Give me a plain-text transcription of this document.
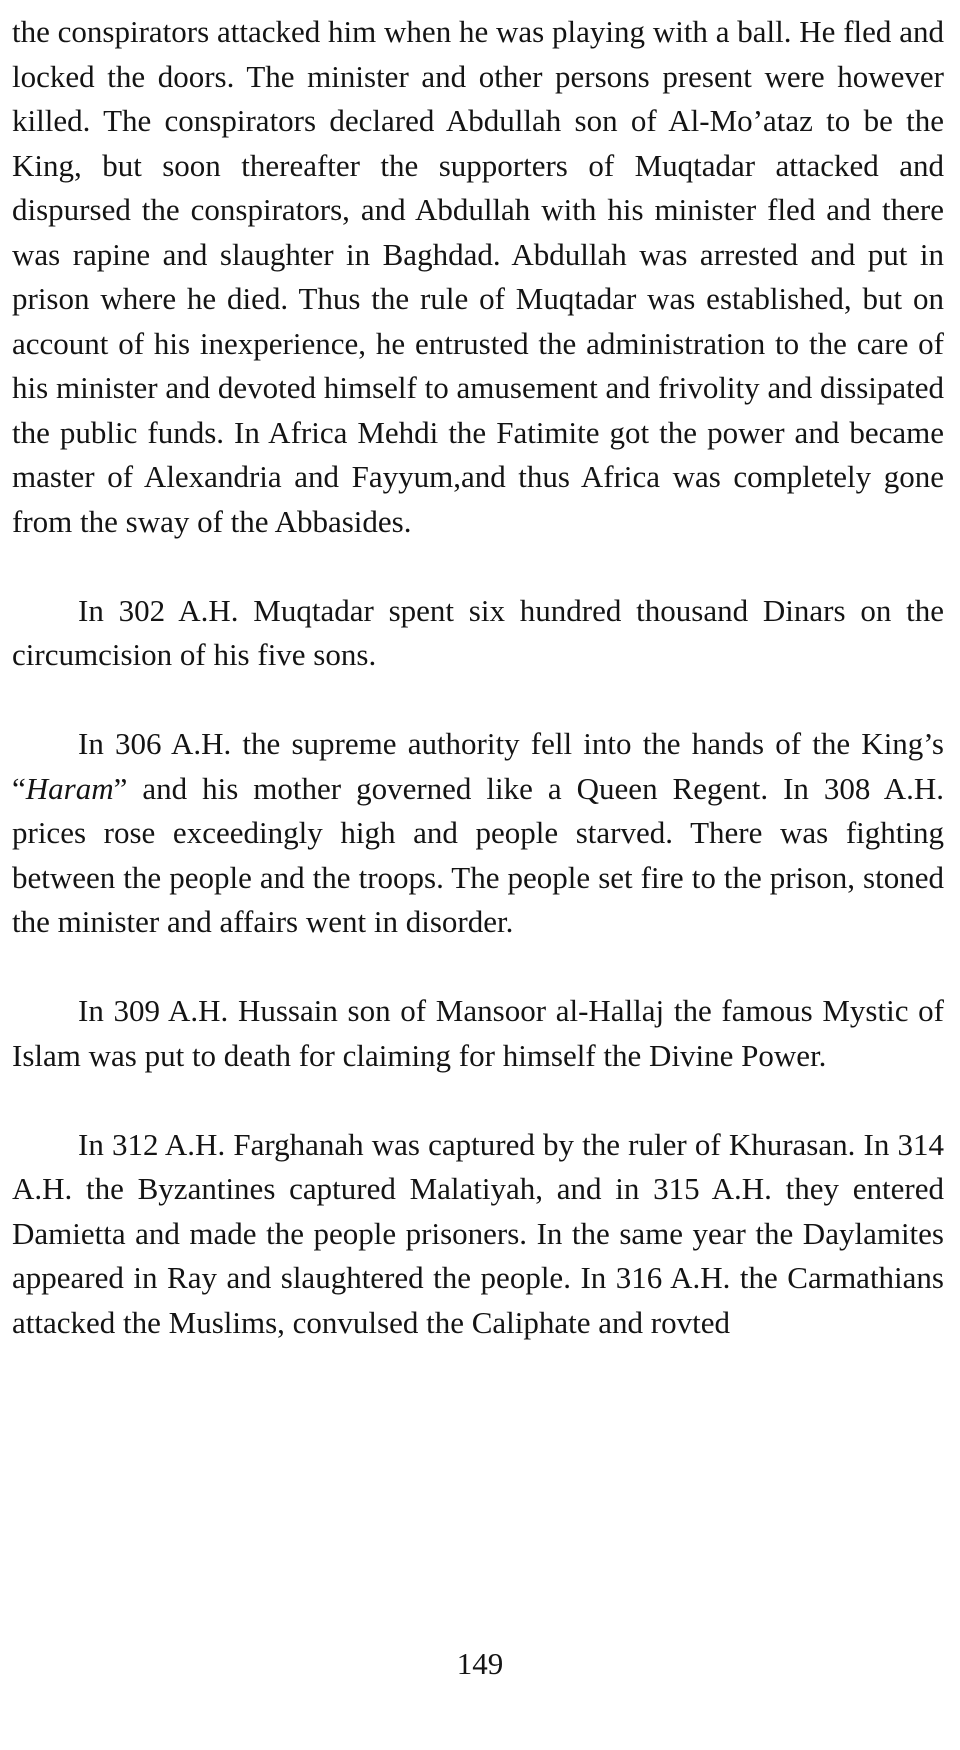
the conspirators attacked him when he was playing with a ball. He fled and locked the doors. The minister and other persons present were however killed. The conspirators declared Abdullah son of Al-Mo’ataz to be the King, but soon thereafter the supporters of Muqtadar attacked and dispursed the conspirators, and Abdullah with his minister fled and there was rapine and slaughter in Baghdad. Abdullah was arrested and put in prison where he died. Thus the rule of Muqtadar was established, but on account of his inexperience, he entrusted the administration to the care of his minister and devoted himself to amusement and frivolity and dissipated the public funds. In Africa Mehdi the Fatimite got the power and became master of Alexandria and Fayyum,and thus Africa was completely gone from the sway of the Abbasides.

In 302 A.H. Muqtadar spent six hundred thousand Dinars on the circumcision of his five sons.

In 306 A.H. the supreme authority fell into the hands of the King’s “Haram” and his mother governed like a Queen Regent. In 308 A.H. prices rose exceedingly high and people starved. There was fighting between the people and the troops. The people set fire to the prison, stoned the minister and affairs went in disorder.

In 309 A.H. Hussain son of Mansoor al-Hallaj the famous Mystic of Islam was put to death for claiming for himself the Divine Power.

In 312 A.H. Farghanah was captured by the ruler of Khurasan. In 314 A.H. the Byzantines captured Malatiyah, and in 315 A.H. they entered Damietta and made the people prisoners. In the same year the Daylamites appeared in Ray and slaughtered the people. In 316 A.H. the Carmathians attacked the Muslims, convulsed the Caliphate and rovted

149
